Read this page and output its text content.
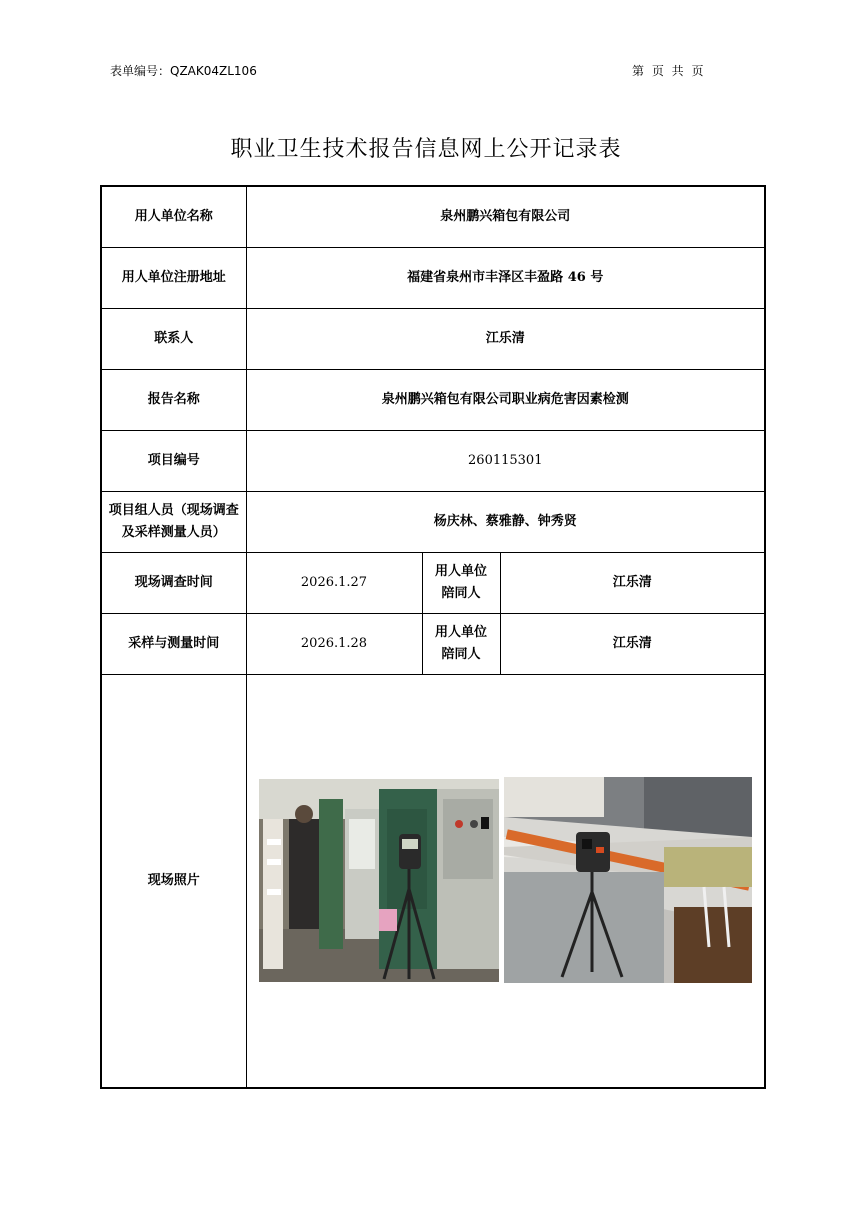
表单编号：QZAK04ZL106	第 页 共 页
职业卫生技术报告信息网上公开记录表
用人单位名称	泉州鹏兴箱包有限公司		
用人单位注册地址	福建省泉州市丰泽区丰盈路 46 号		
联系人	江乐清		
报告名称	泉州鹏兴箱包有限公司职业病危害因素检测		
项目编号	260115301		
项目组人员（现场调查及采样测量人员）	杨庆林、蔡雅静、钟秀贤		
现场调查时间	2026.1.27	用人单位陪同人	江乐清
采样与测量时间	2026.1.28	用人单位陪同人	江乐清
现场照片	
